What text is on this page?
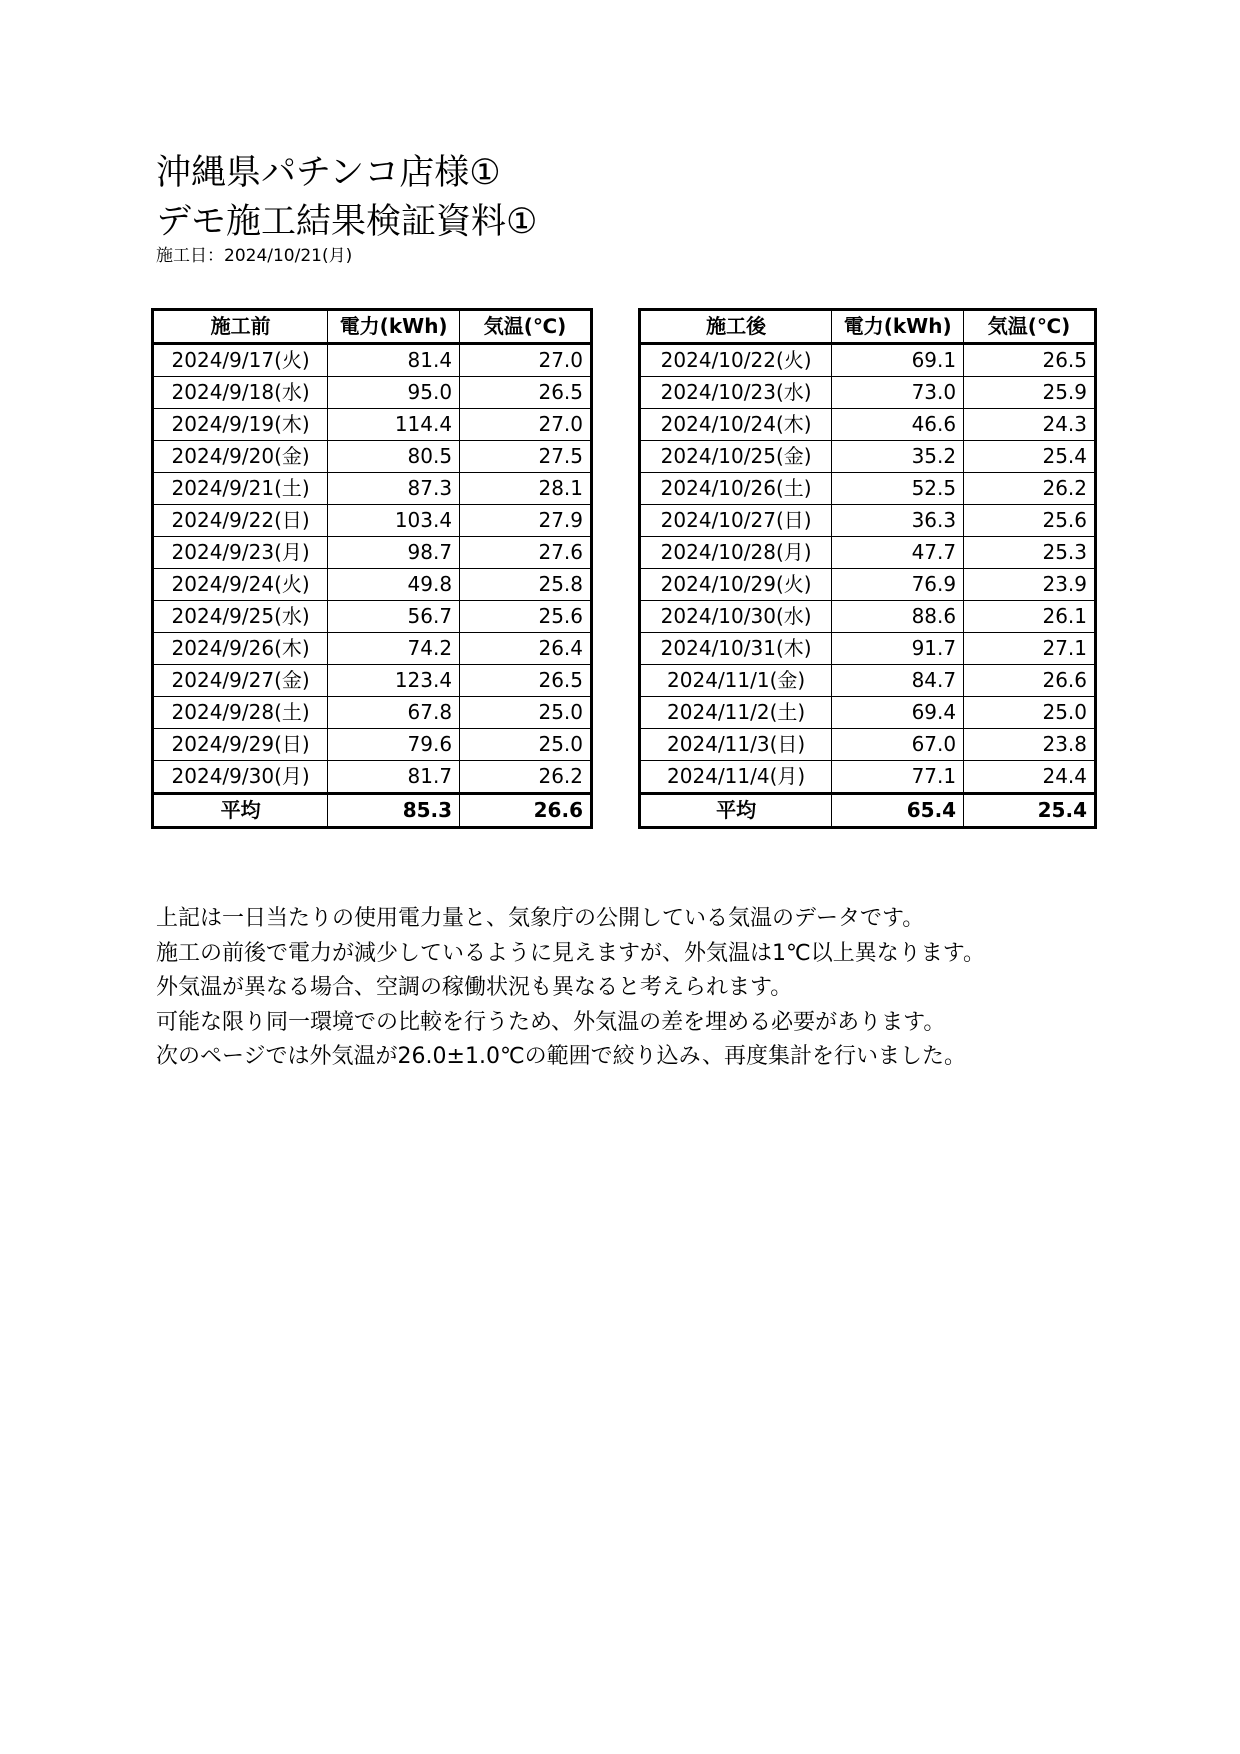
沖縄県パチンコ店様①
デモ施工結果検証資料①
施工日：2024/10/21(月)
施工前	電力(kWh)	気温(℃)
2024/9/17(火)	81.4	27.0
2024/9/18(水)	95.0	26.5
2024/9/19(木)	114.4	27.0
2024/9/20(金)	80.5	27.5
2024/9/21(土)	87.3	28.1
2024/9/22(日)	103.4	27.9
2024/9/23(月)	98.7	27.6
2024/9/24(火)	49.8	25.8
2024/9/25(水)	56.7	25.6
2024/9/26(木)	74.2	26.4
2024/9/27(金)	123.4	26.5
2024/9/28(土)	67.8	25.0
2024/9/29(日)	79.6	25.0
2024/9/30(月)	81.7	26.2
平均	85.3	26.6
施工後	電力(kWh)	気温(℃)
2024/10/22(火)	69.1	26.5
2024/10/23(水)	73.0	25.9
2024/10/24(木)	46.6	24.3
2024/10/25(金)	35.2	25.4
2024/10/26(土)	52.5	26.2
2024/10/27(日)	36.3	25.6
2024/10/28(月)	47.7	25.3
2024/10/29(火)	76.9	23.9
2024/10/30(水)	88.6	26.1
2024/10/31(木)	91.7	27.1
2024/11/1(金)	84.7	26.6
2024/11/2(土)	69.4	25.0
2024/11/3(日)	67.0	23.8
2024/11/4(月)	77.1	24.4
平均	65.4	25.4

上記は一日当たりの使用電力量と、気象庁の公開している気温のデータです。

施工の前後で電力が減少しているように見えますが、外気温は1℃以上異なります。

外気温が異なる場合、空調の稼働状況も異なると考えられます。

可能な限り同一環境での比較を行うため、外気温の差を埋める必要があります。

次のページでは外気温が26.0±1.0℃の範囲で絞り込み、再度集計を行いました。
